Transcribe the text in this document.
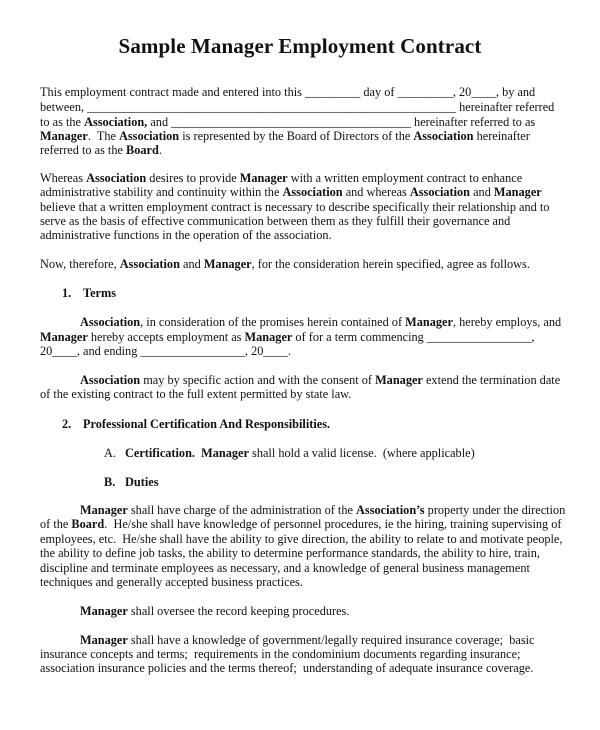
Sample Manager Employment Contract
This employment contract made and entered into this _________ day of _________, 20____, by and
between, ____________________________________________________________ hereinafter referred
to as the Association, and _______________________________________ hereinafter referred to as
Manager.  The Association is represented by the Board of Directors of the Association hereinafter
referred to as the Board.
Whereas Association desires to provide Manager with a written employment contract to enhance
administrative stability and continuity within the Association and whereas Association and Manager
believe that a written employment contract is necessary to describe specifically their relationship and to
serve as the basis of effective communication between them as they fulfill their governance and
administrative functions in the operation of the association.
Now, therefore, Association and Manager, for the consideration herein specified, agree as follows.
1. Terms
Association, in consideration of the promises herein contained of Manager, hereby employs, and
Manager hereby accepts employment as Manager of for a term commencing _________________,
20____, and ending _________________, 20____.
Association may by specific action and with the consent of Manager extend the termination date
of the existing contract to the full extent permitted by state law.
2. Professional Certification And Responsibilities.
A. Certification. Manager shall hold a valid license.  (where applicable)
B. Duties
Manager shall have charge of the administration of the Association’s property under the direction
of the Board.  He/she shall have knowledge of personnel procedures, ie the hiring, training supervising of
employees, etc.  He/she shall have the ability to give direction, the ability to relate to and motivate people,
the ability to define job tasks, the ability to determine performance standards, the ability to hire, train,
discipline and terminate employees as necessary, and a knowledge of general business management
techniques and generally accepted business practices.
Manager shall oversee the record keeping procedures.
Manager shall have a knowledge of government/legally required insurance coverage;  basic
insurance concepts and terms;  requirements in the condominium documents regarding insurance;
association insurance policies and the terms thereof;  understanding of adequate insurance coverage.
